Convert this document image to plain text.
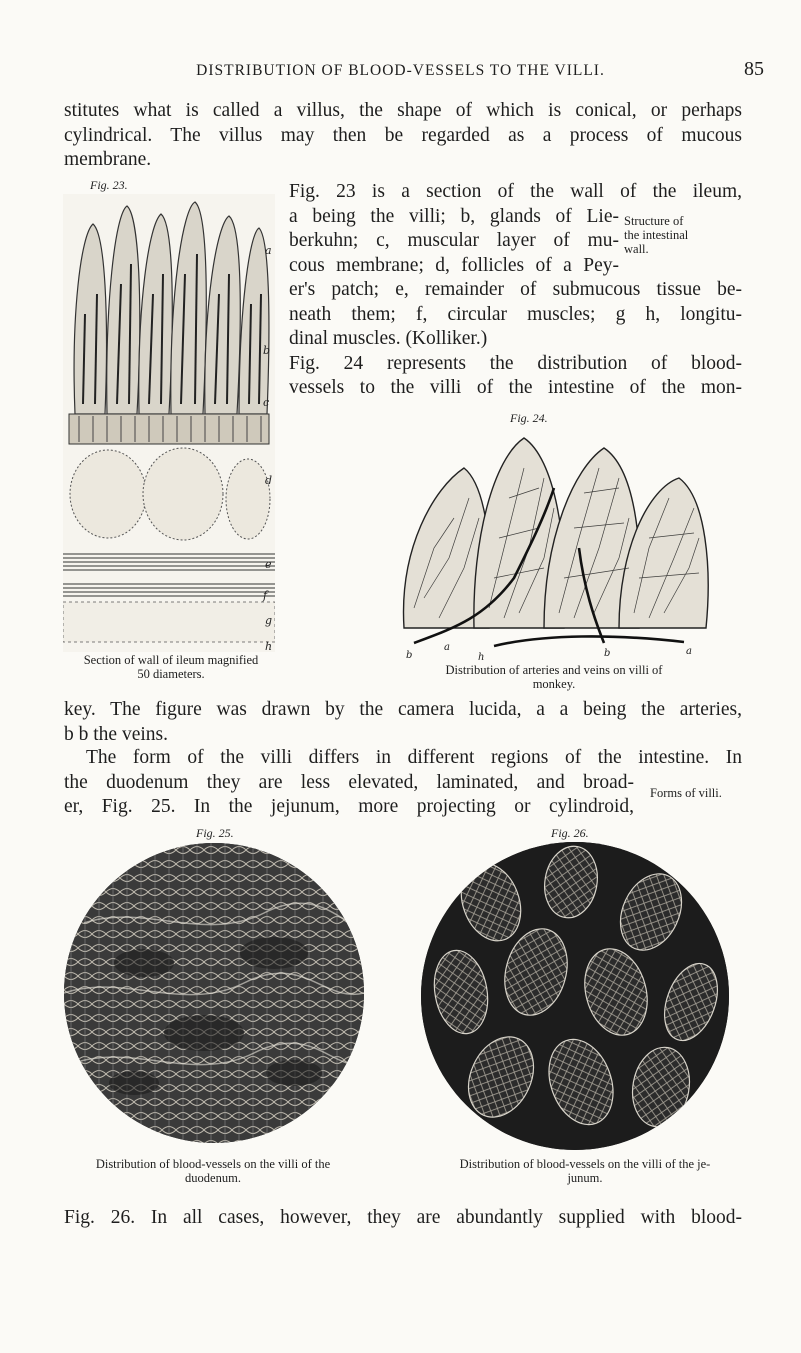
DISTRIBUTION OF BLOOD-VESSELS TO THE VILLI.	85
stitutes what is called a villus, the shape of which is conical, or perhaps
cylindrical. The villus may then be regarded as a process of mucous
membrane.
Fig. 23.
a
b
c
d
e
f
g
h
Section of wall of ileum magnified
50 diameters.
Fig. 23 is a section of the wall of the ileum,
a being the villi; b, glands of Lie-
berkuhn; c, muscular layer of mu-
cous membrane; d, follicles of a Pey-
er's patch; e, remainder of submucous tissue be-
neath them; f, circular muscles; g h, longitu-
dinal muscles. (Kolliker.)
Fig. 24 represents the distribution of blood-
vessels to the villi of the intestine of the mon-
Structure of
the intestinal
wall.
Fig. 24.
b
a
h	b	a
Distribution of arteries and veins on villi of
monkey.
key. The figure was drawn by the camera lucida, a a being the arteries,
b b the veins.
The form of the villi differs in different regions of the intestine. In
the duodenum they are less elevated, laminated, and broad-
er, Fig. 25. In the jejunum, more projecting or cylindroid,
Forms of villi.
Fig. 25.	Fig. 26.
Distribution of blood-vessels on the villi of the
duodenum.
Distribution of blood-vessels on the villi of the je-
junum.
Fig. 26. In all cases, however, they are abundantly supplied with blood-
